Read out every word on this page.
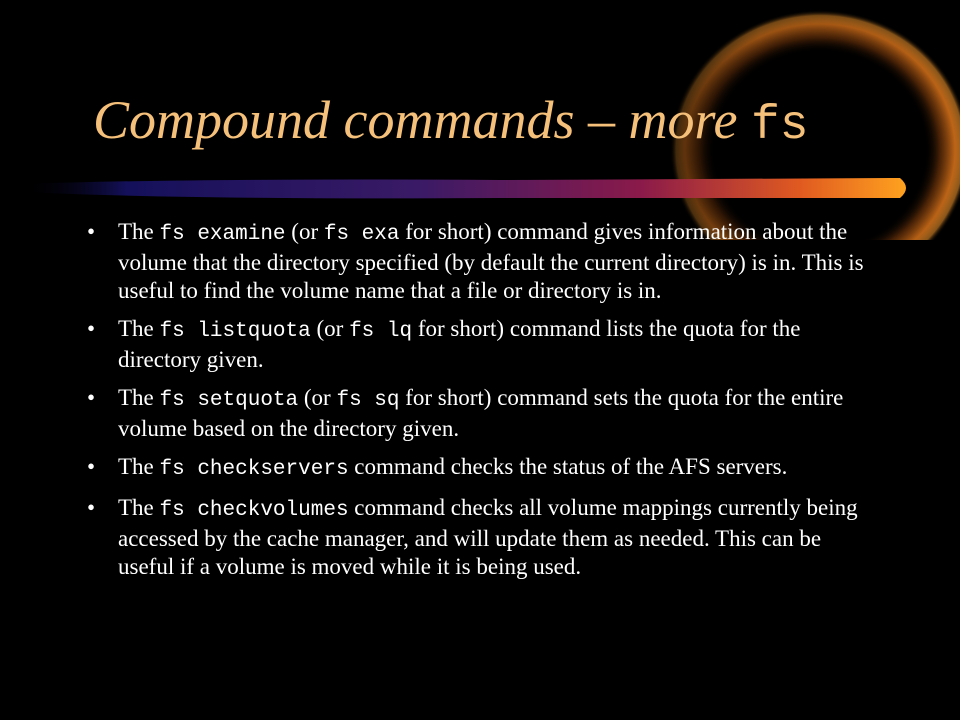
Compound commands – more fs
• The fs examine (or fs exa for short) command gives information about the volume that the directory specified (by default the current directory) is in. This is useful to find the volume name that a file or directory is in.
• The fs listquota (or fs lq for short) command lists the quota for the directory given.
• The fs setquota (or fs sq for short) command sets the quota for the entire volume based on the directory given.
• The fs checkservers command checks the status of the AFS servers.
• The fs checkvolumes command checks all volume mappings currently being accessed by the cache manager, and will update them as needed. This can be useful if a volume is moved while it is being used.
